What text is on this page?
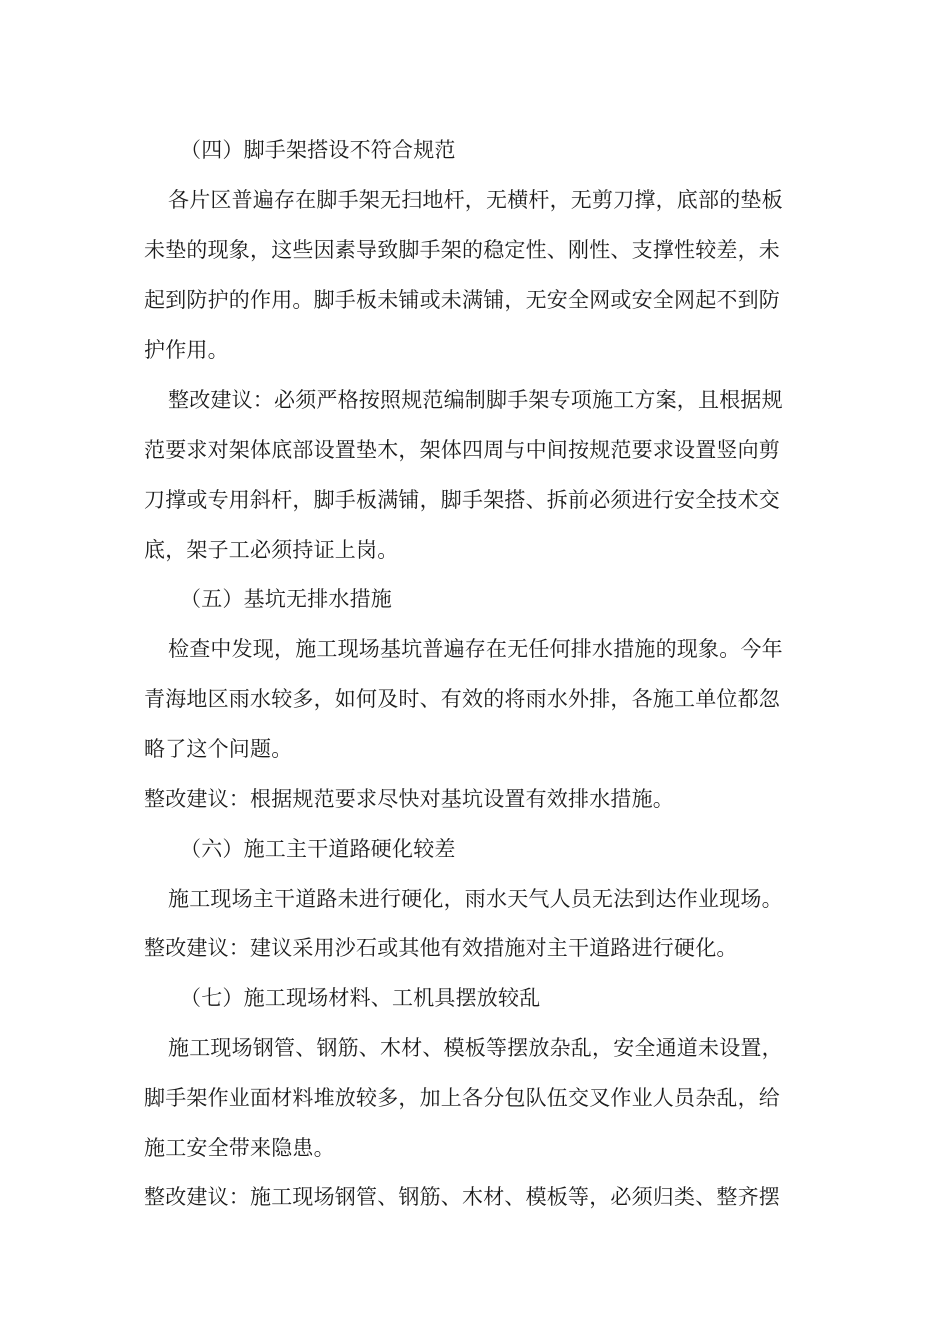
（四）脚手架搭设不符合规范
各片区普遍存在脚手架无扫地杆，无横杆，无剪刀撑，底部的垫板
未垫的现象，这些因素导致脚手架的稳定性、刚性、支撑性较差，未
起到防护的作用。脚手板未铺或未满铺，无安全网或安全网起不到防
护作用。
整改建议：必须严格按照规范编制脚手架专项施工方案，且根据规
范要求对架体底部设置垫木，架体四周与中间按规范要求设置竖向剪
刀撑或专用斜杆，脚手板满铺，脚手架搭、拆前必须进行安全技术交
底，架子工必须持证上岗。
（五）基坑无排水措施
检查中发现，施工现场基坑普遍存在无任何排水措施的现象。今年
青海地区雨水较多，如何及时、有效的将雨水外排，各施工单位都忽
略了这个问题。
整改建议：根据规范要求尽快对基坑设置有效排水措施。
（六）施工主干道路硬化较差
施工现场主干道路未进行硬化，雨水天气人员无法到达作业现场。
整改建议：建议采用沙石或其他有效措施对主干道路进行硬化。
（七）施工现场材料、工机具摆放较乱
施工现场钢管、钢筋、木材、模板等摆放杂乱，安全通道未设置，
脚手架作业面材料堆放较多，加上各分包队伍交叉作业人员杂乱，给
施工安全带来隐患。
整改建议：施工现场钢管、钢筋、木材、模板等，必须归类、整齐摆
